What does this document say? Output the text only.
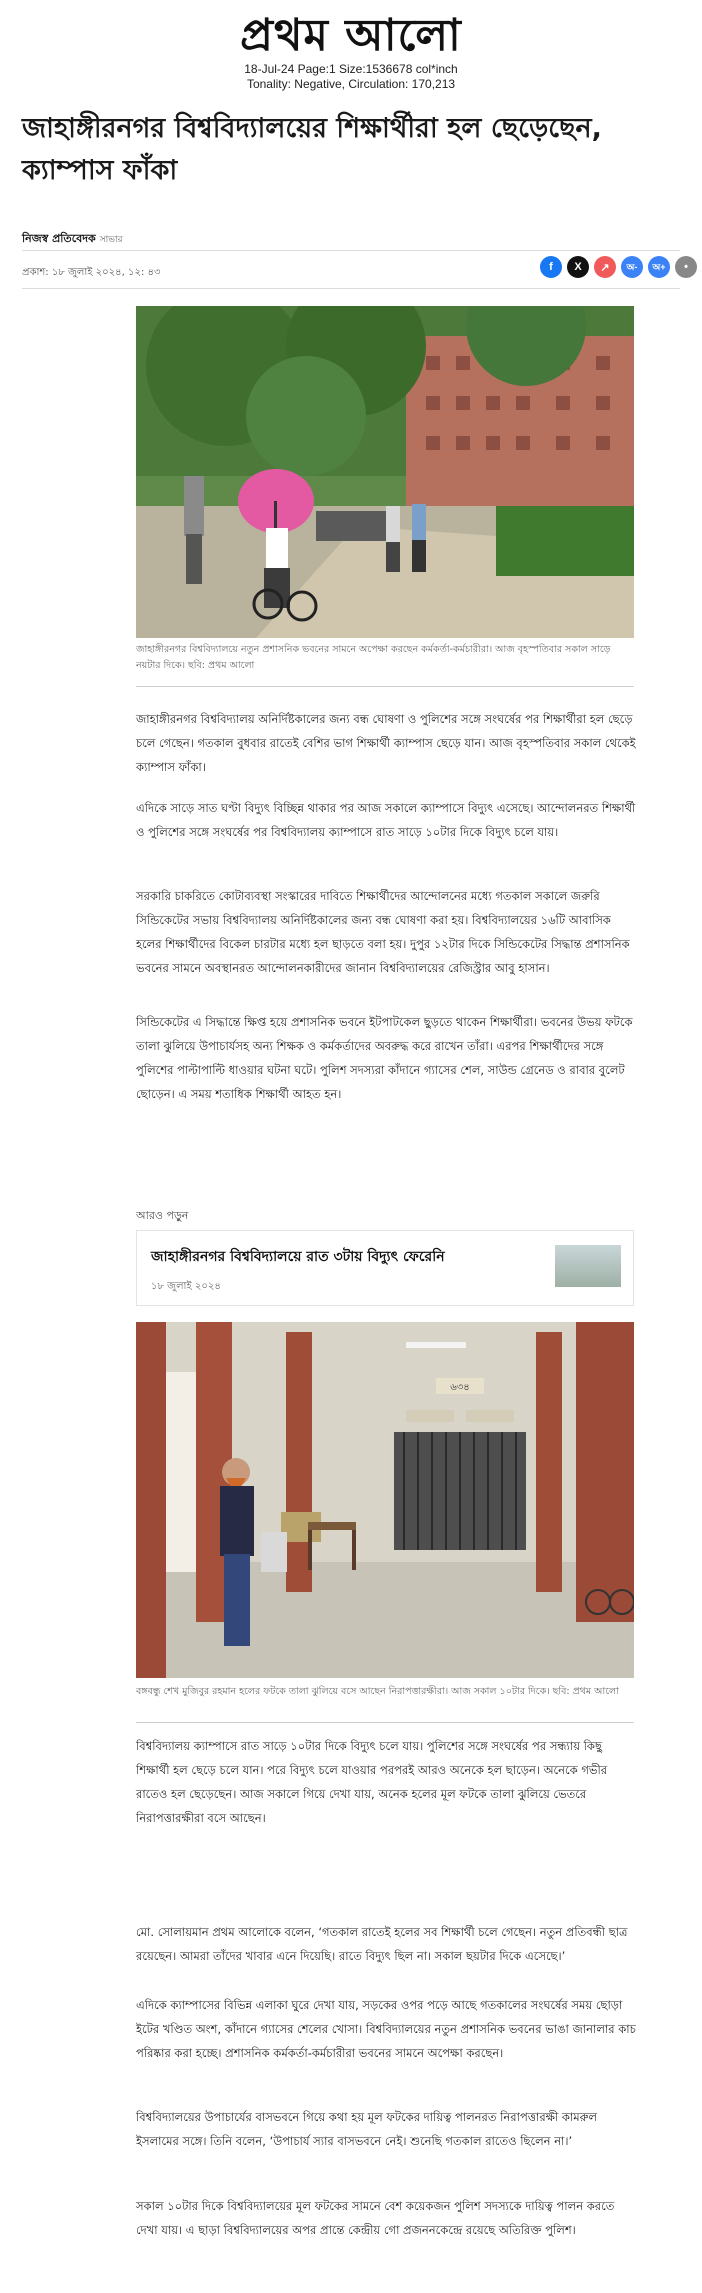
প্রথম আলো
18-Jul-24 Page:1 Size:1536678 col*inch
Tonality: Negative, Circulation: 170,213
জাহাঙ্গীরনগর বিশ্ববিদ্যালয়ের শিক্ষার্থীরা হল ছেড়েছেন, ক্যাম্পাস ফাঁকা
নিজস্ব প্রতিবেদক সাভার
প্রকাশ: ১৮ জুলাই ২০২৪, ১২: ৪৩	f	X	↗	অ-	অ+	•
জাহাঙ্গীরনগর বিশ্ববিদ্যালয়ে নতুন প্রশাসনিক ভবনের সামনে অপেক্ষা করছেন কর্মকর্তা-কর্মচারীরা। আজ বৃহস্পতিবার সকাল সাড়ে নয়টার দিকে। ছবি: প্রথম আলো

জাহাঙ্গীরনগর বিশ্ববিদ্যালয় অনির্দিষ্টকালের জন্য বন্ধ ঘোষণা ও পুলিশের সঙ্গে সংঘর্ষের পর শিক্ষার্থীরা হল ছেড়ে চলে গেছেন। গতকাল বুধবার রাতেই বেশির ভাগ শিক্ষার্থী ক্যাম্পাস ছেড়ে যান। আজ বৃহস্পতিবার সকাল থেকেই ক্যাম্পাস ফাঁকা।

এদিকে সাড়ে সাত ঘণ্টা বিদ্যুৎ বিচ্ছিন্ন থাকার পর আজ সকালে ক্যাম্পাসে বিদ্যুৎ এসেছে। আন্দোলনরত শিক্ষার্থী ও পুলিশের সঙ্গে সংঘর্ষের পর বিশ্ববিদ্যালয় ক্যাম্পাসে রাত সাড়ে ১০টার দিকে বিদ্যুৎ চলে যায়।

সরকারি চাকরিতে কোটাব্যবস্থা সংস্কারের দাবিতে শিক্ষার্থীদের আন্দোলনের মধ্যে গতকাল সকালে জরুরি সিন্ডিকেটের সভায় বিশ্ববিদ্যালয় অনির্দিষ্টকালের জন্য বন্ধ ঘোষণা করা হয়। বিশ্ববিদ্যালয়ের ১৬টি আবাসিক হলের শিক্ষার্থীদের বিকেল চারটার মধ্যে হল ছাড়তে বলা হয়। দুপুর ১২টার দিকে সিন্ডিকেটের সিদ্ধান্ত প্রশাসনিক ভবনের সামনে অবস্থানরত আন্দোলনকারীদের জানান বিশ্ববিদ্যালয়ের রেজিস্ট্রার আবু হাসান।

সিন্ডিকেটের এ সিদ্ধান্তে ক্ষিপ্ত হয়ে প্রশাসনিক ভবনে ইটপাটকেল ছুড়তে থাকেন শিক্ষার্থীরা। ভবনের উভয় ফটকে তালা ঝুলিয়ে উপাচার্যসহ অন্য শিক্ষক ও কর্মকর্তাদের অবরুদ্ধ করে রাখেন তাঁরা। এরপর শিক্ষার্থীদের সঙ্গে পুলিশের পাল্টাপাল্টি ধাওয়ার ঘটনা ঘটে। পুলিশ সদস্যরা কাঁদানে গ্যাসের শেল, সাউন্ড গ্রেনেড ও রাবার বুলেট ছোড়েন। এ সময় শতাধিক শিক্ষার্থী আহত হন।

আরও পড়ুন
জাহাঙ্গীরনগর বিশ্ববিদ্যালয়ে রাত ৩টায় বিদ্যুৎ ফেরেনি
১৮ জুলাই ২০২৪
৬৩৪
বঙ্গবন্ধু শেখ মুজিবুর রহমান হলের ফটকে তালা ঝুলিয়ে বসে আছেন নিরাপত্তারক্ষীরা। আজ সকাল ১০টার দিকে। ছবি: প্রথম আলো

বিশ্ববিদ্যালয় ক্যাম্পাসে রাত সাড়ে ১০টার দিকে বিদ্যুৎ চলে যায়। পুলিশের সঙ্গে সংঘর্ষের পর সন্ধ্যায় কিছু শিক্ষার্থী হল ছেড়ে চলে যান। পরে বিদ্যুৎ চলে যাওয়ার পরপরই আরও অনেকে হল ছাড়েন। অনেকে গভীর রাতেও হল ছেড়েছেন। আজ সকালে গিয়ে দেখা যায়, অনেক হলের মূল ফটকে তালা ঝুলিয়ে ভেতরে নিরাপত্তারক্ষীরা বসে আছেন।

মো. সোলায়মান প্রথম আলোকে বলেন, ‘গতকাল রাতেই হলের সব শিক্ষার্থী চলে গেছেন। নতুন প্রতিবন্ধী ছাত্র রয়েছেন। আমরা তাঁদের খাবার এনে দিয়েছি। রাতে বিদ্যুৎ ছিল না। সকাল ছয়টার দিকে এসেছে।’

এদিকে ক্যাম্পাসের বিভিন্ন এলাকা ঘুরে দেখা যায়, সড়কের ওপর পড়ে আছে গতকালের সংঘর্ষের সময় ছোড়া ইটের খণ্ডিত অংশ, কাঁদানে গ্যাসের শেলের খোসা। বিশ্ববিদ্যালয়ের নতুন প্রশাসনিক ভবনের ভাঙা জানালার কাচ পরিষ্কার করা হচ্ছে। প্রশাসনিক কর্মকর্তা-কর্মচারীরা ভবনের সামনে অপেক্ষা করছেন।

বিশ্ববিদ্যালয়ের উপাচার্যের বাসভবনে গিয়ে কথা হয় মূল ফটকের দায়িত্ব পালনরত নিরাপত্তারক্ষী কামরুল ইসলামের সঙ্গে। তিনি বলেন, ‘উপাচার্য স্যার বাসভবনে নেই। শুনেছি গতকাল রাতেও ছিলেন না।’

সকাল ১০টার দিকে বিশ্ববিদ্যালয়ের মূল ফটকের সামনে বেশ কয়েকজন পুলিশ সদস্যকে দায়িত্ব পালন করতে দেখা যায়। এ ছাড়া বিশ্ববিদ্যালয়ের অপর প্রান্তে কেন্দ্রীয় গো প্রজননকেন্দ্রে রয়েছে অতিরিক্ত পুলিশ।
